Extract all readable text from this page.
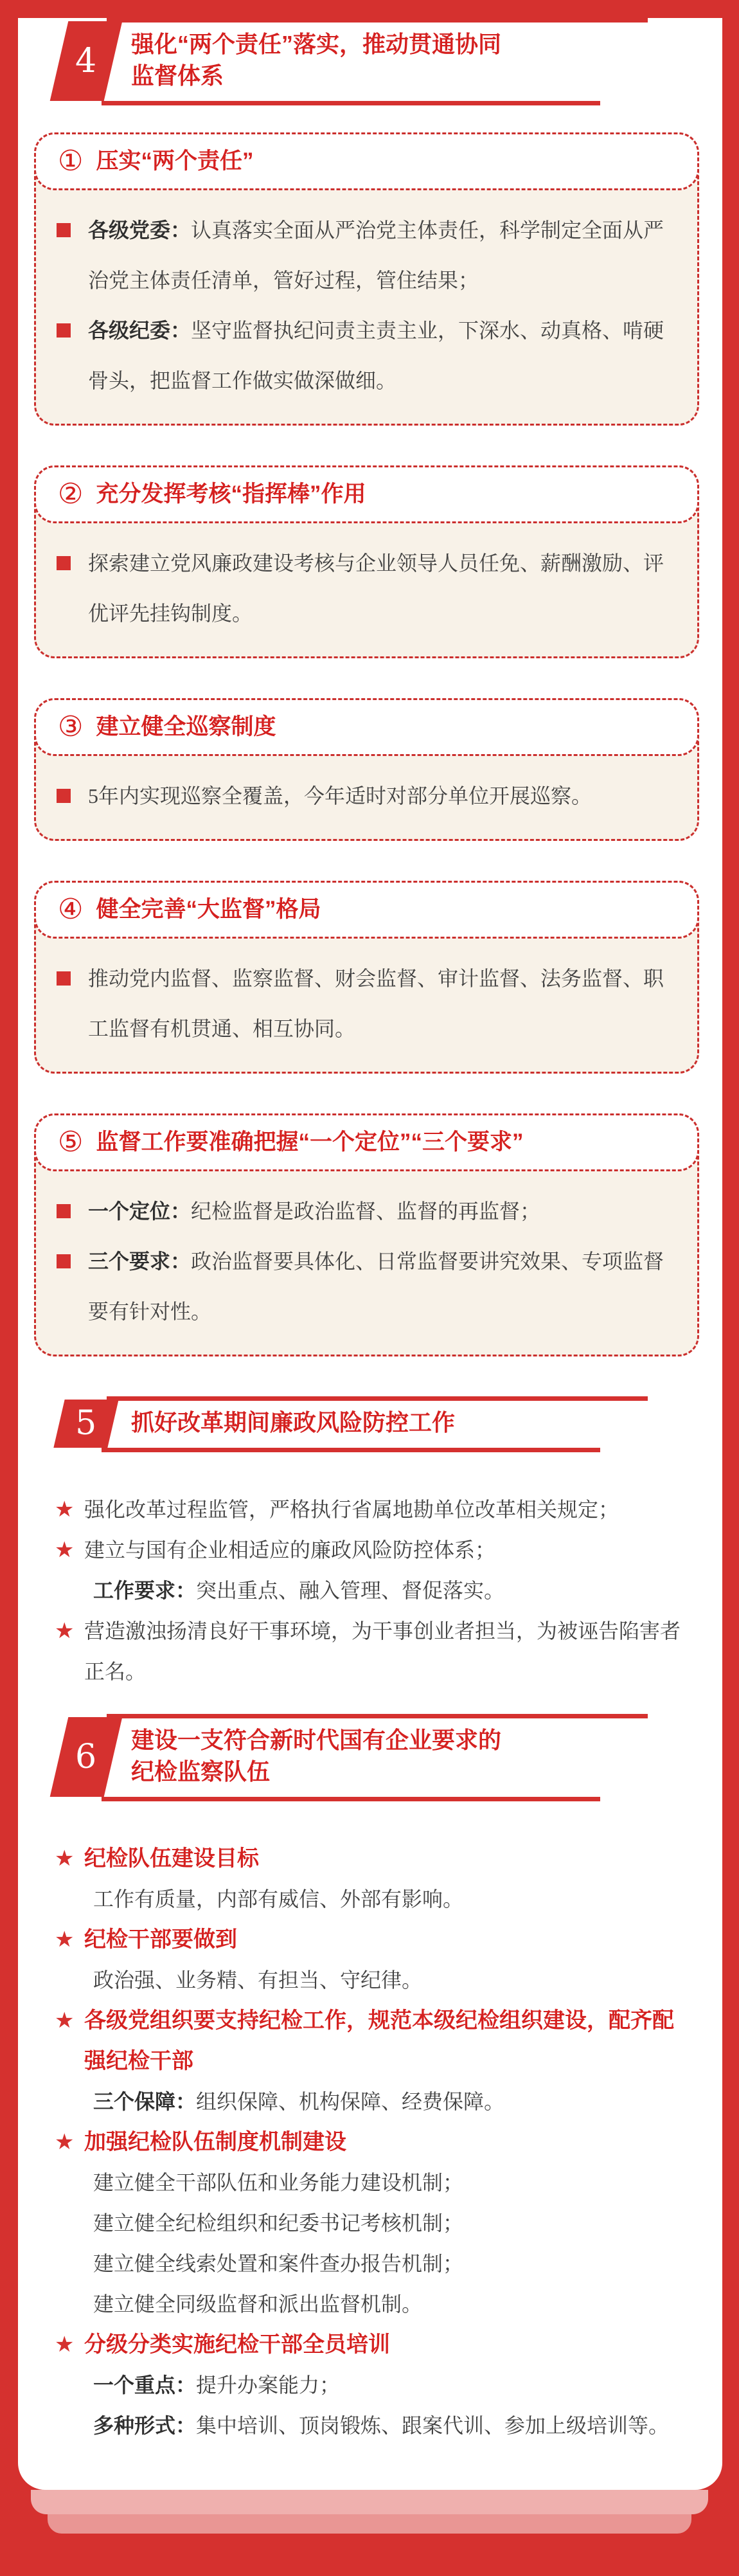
4 强化“两个责任”落实，推动贯通协同
监督体系
① 压实“两个责任”

各级党委：认真落实全面从严治党主体责任，科学制定全面从严治党主体责任清单，管好过程，管住结果；

各级纪委：坚守监督执纪问责主责主业，下深水、动真格、啃硬骨头，把监督工作做实做深做细。

② 充分发挥考核“指挥棒”作用

探索建立党风廉政建设考核与企业领导人员任免、薪酬激励、评优评先挂钩制度。

③ 建立健全巡察制度

5年内实现巡察全覆盖，今年适时对部分单位开展巡察。

④ 健全完善“大监督”格局

推动党内监督、监察监督、财会监督、审计监督、法务监督、职工监督有机贯通、相互协同。

⑤ 监督工作要准确把握“一个定位”“三个要求”

一个定位：纪检监督是政治监督、监督的再监督；

三个要求：政治监督要具体化、日常监督要讲究效果、专项监督要有针对性。

5 抓好改革期间廉政风险防控工作

★ 强化改革过程监管，严格执行省属地勘单位改革相关规定；

★ 建立与国有企业相适应的廉政风险防控体系；

工作要求：突出重点、融入管理、督促落实。

★ 营造激浊扬清良好干事环境，为干事创业者担当，为被诬告陷害者正名。

6 建设一支符合新时代国有企业要求的
纪检监察队伍

★ 纪检队伍建设目标

工作有质量，内部有威信、外部有影响。

★ 纪检干部要做到

政治强、业务精、有担当、守纪律。

★ 各级党组织要支持纪检工作，规范本级纪检组织建设，配齐配强纪检干部

三个保障：组织保障、机构保障、经费保障。

★ 加强纪检队伍制度机制建设

建立健全干部队伍和业务能力建设机制；

建立健全纪检组织和纪委书记考核机制；

建立健全线索处置和案件查办报告机制；

建立健全同级监督和派出监督机制。

★ 分级分类实施纪检干部全员培训

一个重点：提升办案能力；

多种形式：集中培训、顶岗锻炼、跟案代训、参加上级培训等。
